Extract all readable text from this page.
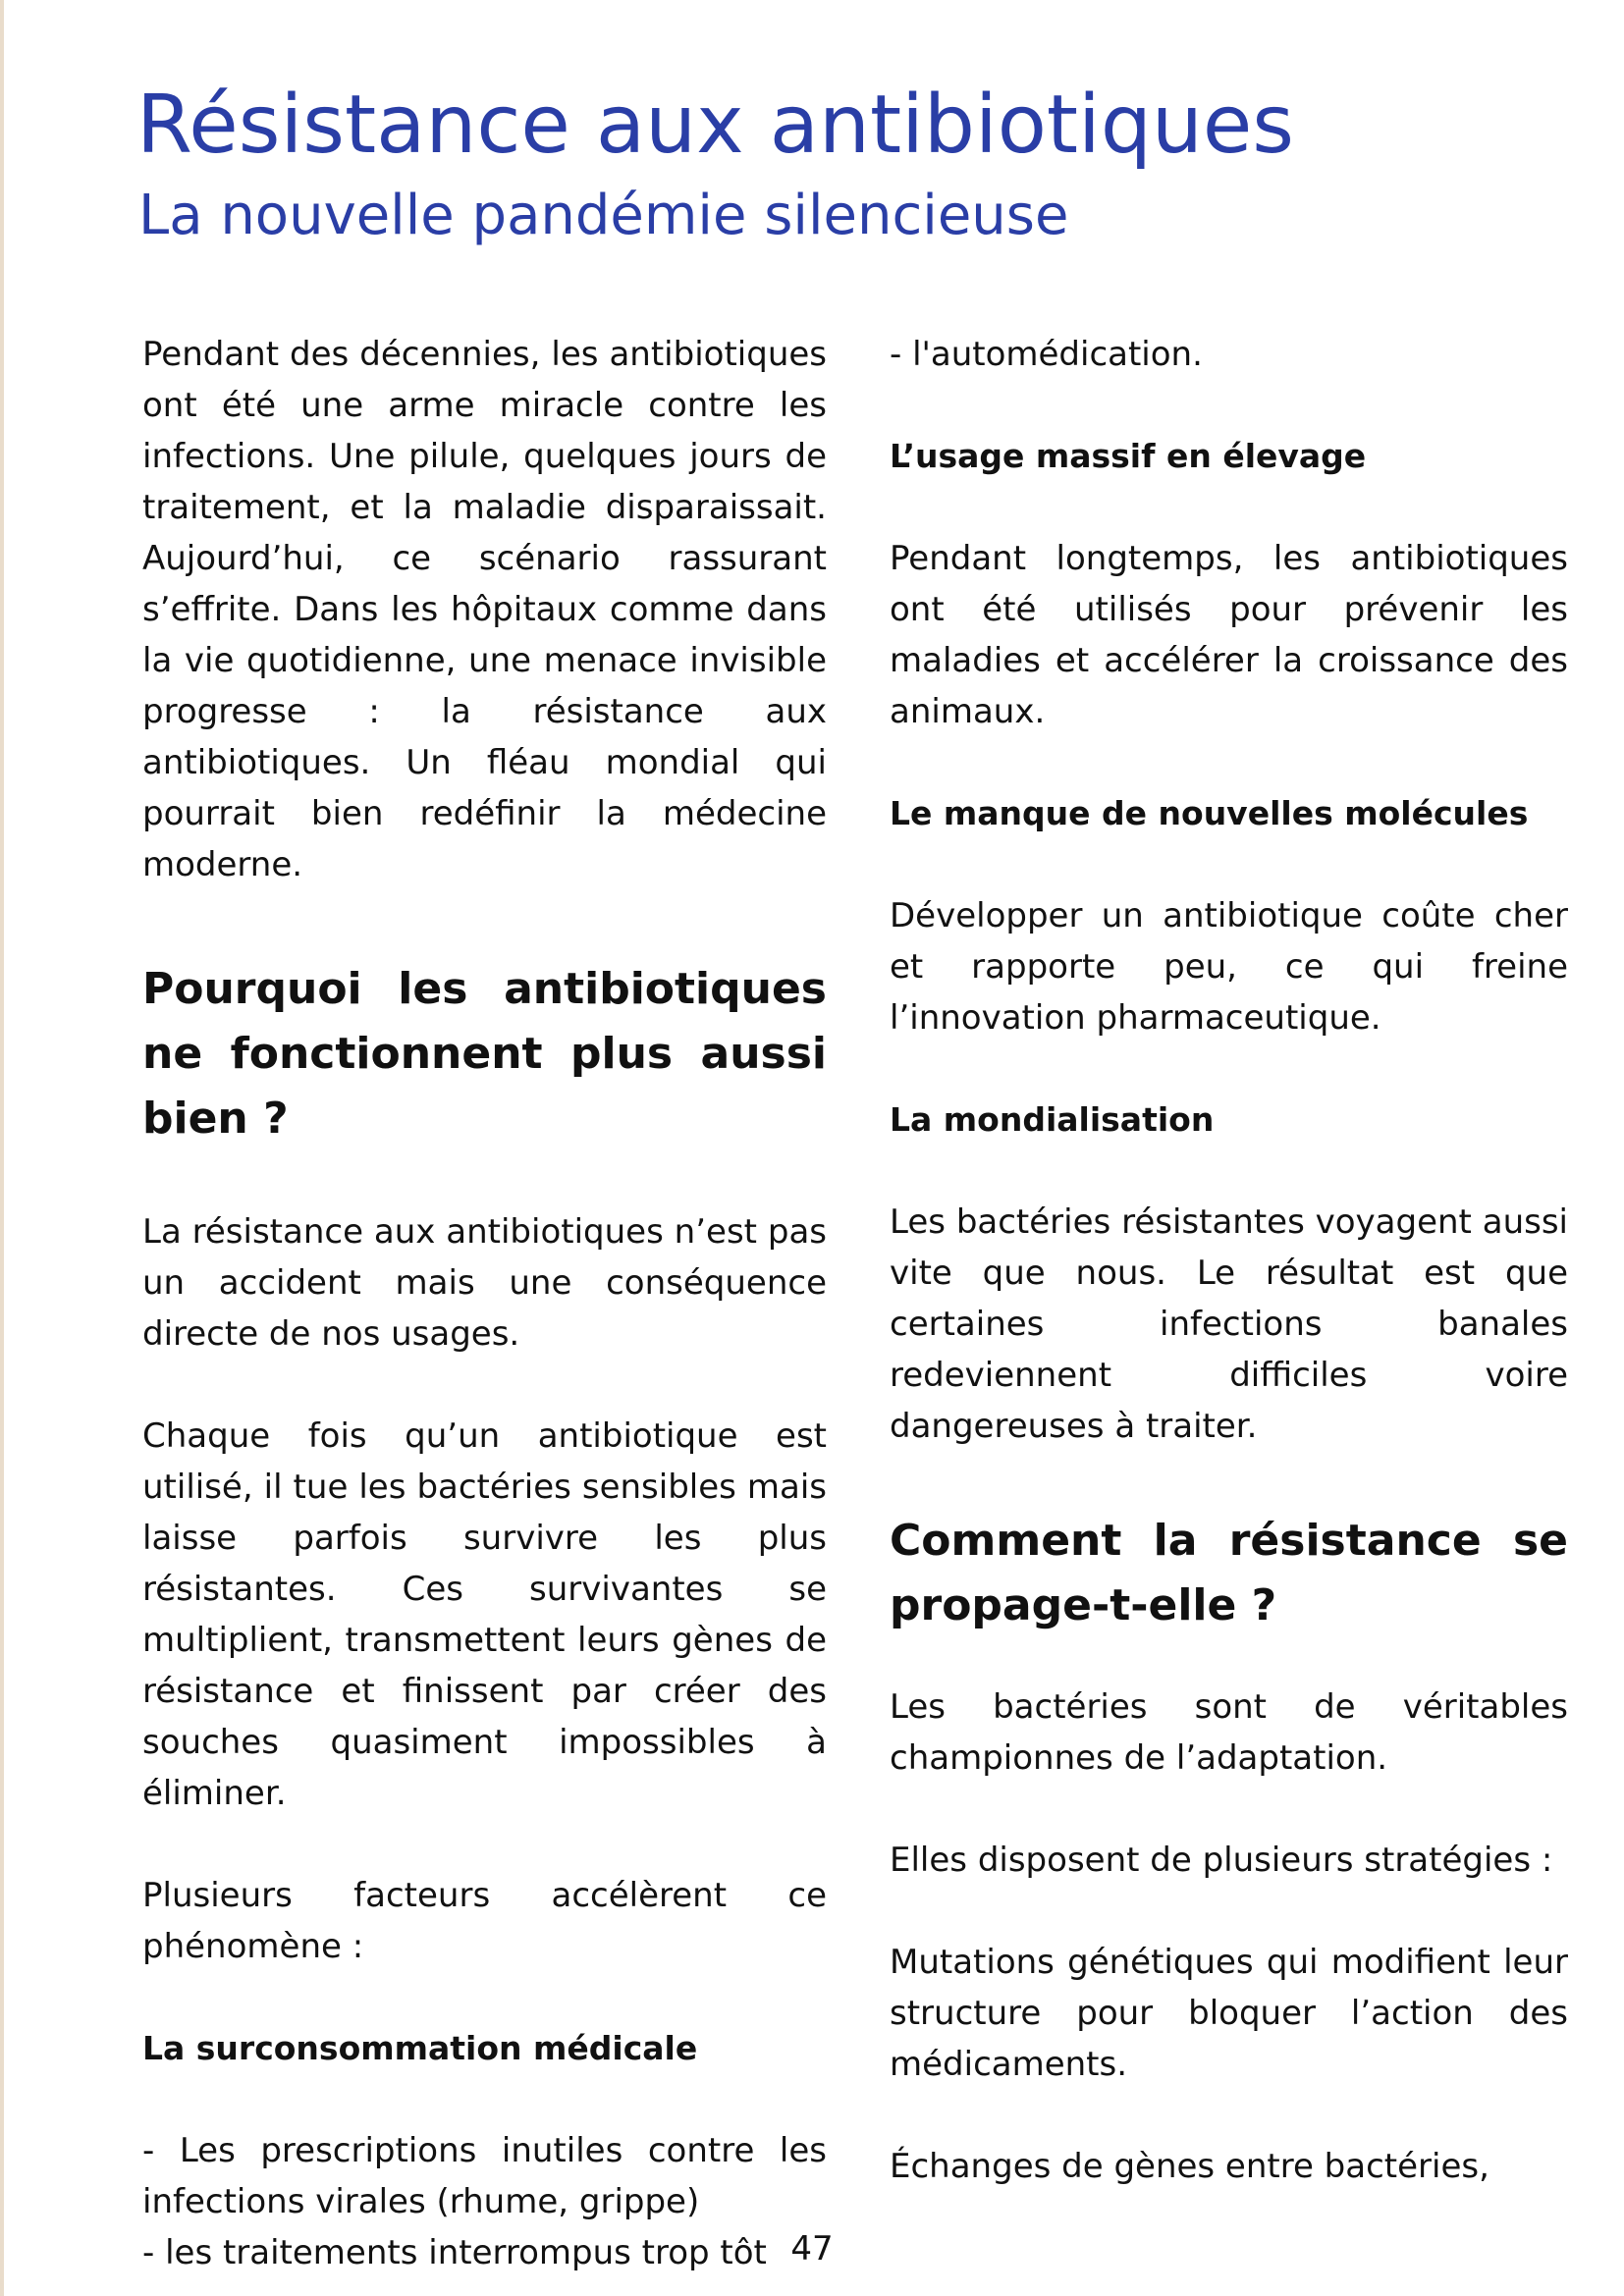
Résistance aux antibiotiques
La nouvelle pandémie silencieuse

Pendant des décennies, les antibiotiques ont été une arme miracle contre les infections. Une pilule, quelques jours de traitement, et la maladie disparaissait. Aujourd’hui, ce scénario rassurant s’effrite. Dans les hôpitaux comme dans la vie quotidienne, une menace invisible progresse : la résistance aux antibiotiques. Un fléau mondial qui pourrait bien redéfinir la médecine moderne.

Pourquoi les antibiotiques ne fonctionnent plus aussi bien ?

La résistance aux antibiotiques n’est pas un accident mais une conséquence directe de nos usages.

Chaque fois qu’un antibiotique est utilisé, il tue les bactéries sensibles mais laisse parfois survivre les plus résistantes. Ces survivantes se multiplient, transmettent leurs gènes de résistance et finissent par créer des souches quasiment impossibles à éliminer.

Plusieurs facteurs accélèrent ce phénomène :

La surconsommation médicale

- Les prescriptions inutiles contre les infections virales (rhume, grippe)

- les traitements interrompus trop tôt

- l'automédication.

L’usage massif en élevage

Pendant longtemps, les antibiotiques ont été utilisés pour prévenir les maladies et accélérer la croissance des animaux.

Le manque de nouvelles molécules

Développer un antibiotique coûte cher et rapporte peu, ce qui freine l’innovation pharmaceutique.

La mondialisation

Les bactéries résistantes voyagent aussi vite que nous. Le résultat est que certaines infections banales redeviennent difficiles voire dangereuses à traiter.

Comment la résistance se propage-t-elle ?

Les bactéries sont de véritables championnes de l’adaptation.

Elles disposent de plusieurs stratégies :

Mutations génétiques qui modifient leur structure pour bloquer l’action des médicaments.

Échanges de gènes entre bactéries,

47
